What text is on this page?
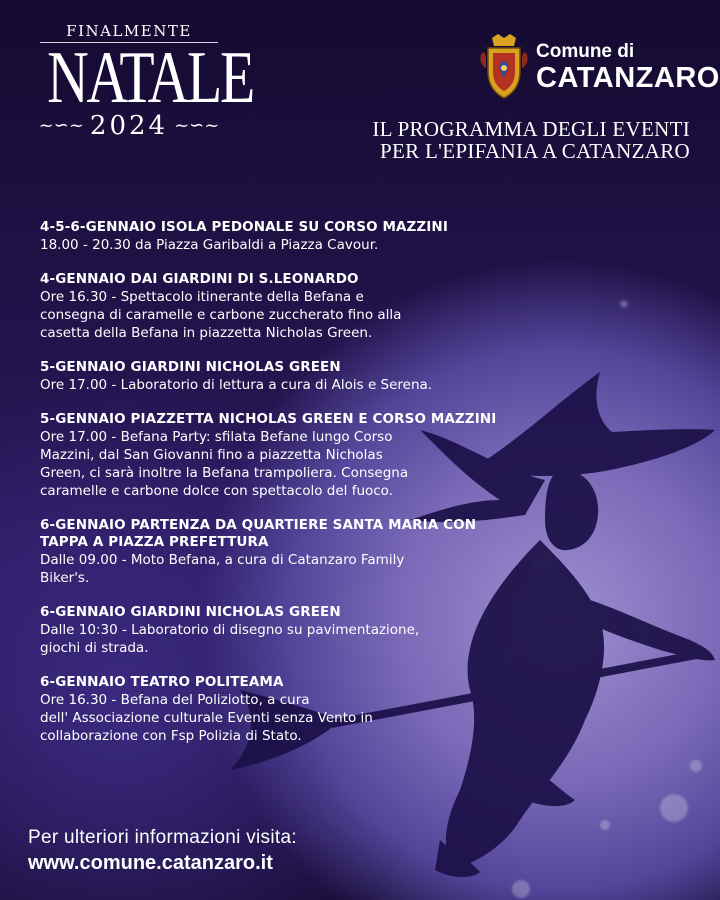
FINALMENTE
NATALE
~∽~ 2024 ~∽~
Comune di
CATANZARO
IL PROGRAMMA DEGLI EVENTI
PER L'EPIFANIA A CATANZARO
4-5-6-GENNAIO ISOLA PEDONALE SU CORSO MAZZINI
18.00 - 20.30 da Piazza Garibaldi a Piazza Cavour.
4-GENNAIO DAI GIARDINI DI S.LEONARDO
Ore 16.30 - Spettacolo itinerante della Befana e
consegna di caramelle e carbone zuccherato fino alla
casetta della Befana in piazzetta Nicholas Green.
5-GENNAIO GIARDINI NICHOLAS GREEN
Ore 17.00 - Laboratorio di lettura a cura di Alois e Serena.
5-GENNAIO PIAZZETTA NICHOLAS GREEN E CORSO MAZZINI
Ore 17.00 - Befana Party: sfilata Befane lungo Corso
Mazzini, dal San Giovanni fino a piazzetta Nicholas
Green, ci sarà inoltre la Befana trampoliera. Consegna
caramelle e carbone dolce con spettacolo del fuoco.
6-GENNAIO PARTENZA DA QUARTIERE SANTA MARIA CON TAPPA A PIAZZA PREFETTURA
Dalle 09.00 - Moto Befana, a cura di Catanzaro Family
Biker's.
6-GENNAIO GIARDINI NICHOLAS GREEN
Dalle 10:30 - Laboratorio di disegno su pavimentazione,
giochi di strada.
6-GENNAIO TEATRO POLITEAMA
Ore 16.30 - Befana del Poliziotto, a cura
dell' Associazione culturale Eventi senza Vento in
collaborazione con Fsp Polizia di Stato.
Per ulteriori informazioni visita:
www.comune.catanzaro.it
